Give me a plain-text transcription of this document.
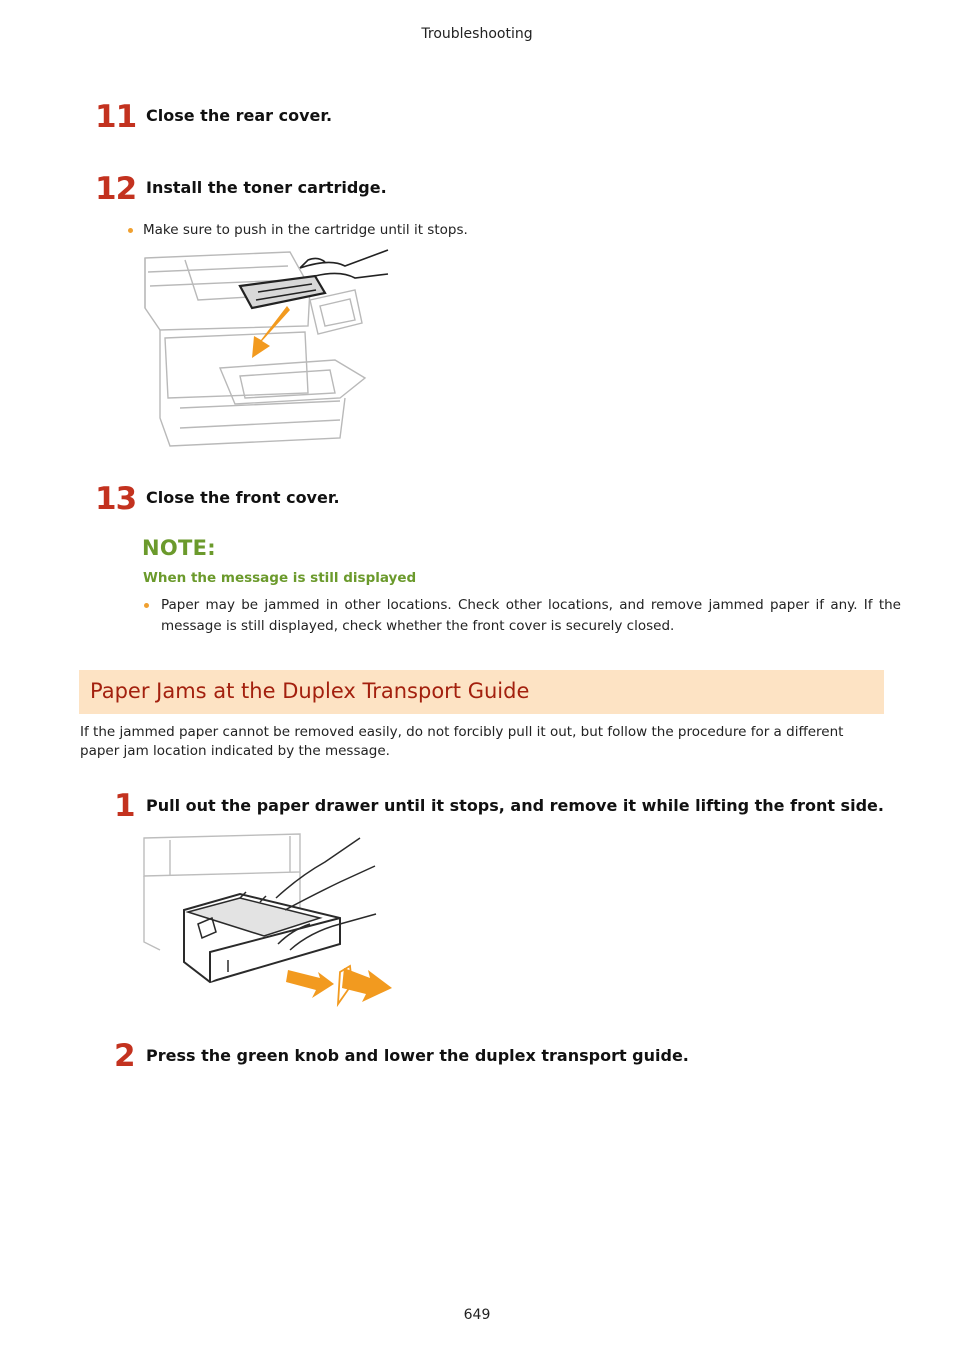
Troubleshooting
11 Close the rear cover.
12 Install the toner cartridge.
Make sure to push in the cartridge until it stops.
13 Close the front cover.
NOTE:
When the message is still displayed
Paper may be jammed in other locations. Check other locations, and remove jammed paper if any. If the
message is still displayed, check whether the front cover is securely closed.
Paper Jams at the Duplex Transport Guide
If the jammed paper cannot be removed easily, do not forcibly pull it out, but follow the procedure for a different
paper jam location indicated by the message.
1 Pull out the paper drawer until it stops, and remove it while lifting the front side.
2 Press the green knob and lower the duplex transport guide.
649
